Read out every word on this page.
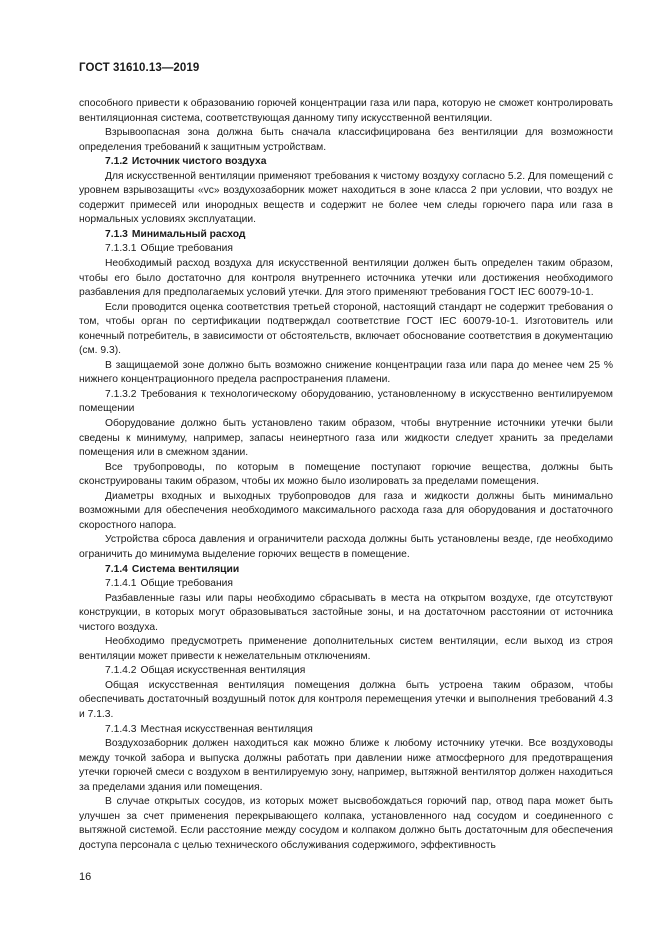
ГОСТ 31610.13—2019

способного привести к образованию горючей концентрации газа или пара, которую не сможет контролировать вентиляционная система, соответствующая данному типу искусственной вентиляции.

Взрывоопасная зона должна быть сначала классифицирована без вентиляции для возможности определения требований к защитным устройствам.

7.1.2 Источник чистого воздуха

Для искусственной вентиляции применяют требования к чистому воздуху согласно 5.2. Для помещений с уровнем взрывозащиты «vc» воздухозаборник может находиться в зоне класса 2 при условии, что воздух не содержит примесей или инородных веществ и содержит не более чем следы горючего пара или газа в нормальных условиях эксплуатации.

7.1.3 Минимальный расход

7.1.3.1 Общие требования

Необходимый расход воздуха для искусственной вентиляции должен быть определен таким образом, чтобы его было достаточно для контроля внутреннего источника утечки или достижения необходимого разбавления для предполагаемых условий утечки. Для этого применяют требования ГОСТ IEC 60079-10-1.

Если проводится оценка соответствия третьей стороной, настоящий стандарт не содержит требования о том, чтобы орган по сертификации подтверждал соответствие ГОСТ IEC 60079-10-1. Изготовитель или конечный потребитель, в зависимости от обстоятельств, включает обоснование соответствия в документацию (см. 9.3).

В защищаемой зоне должно быть возможно снижение концентрации газа или пара до менее чем 25 % нижнего концентрационного предела распространения пламени.

7.1.3.2 Требования к технологическому оборудованию, установленному в искусственно вентилируемом помещении

Оборудование должно быть установлено таким образом, чтобы внутренние источники утечки были сведены к минимуму, например, запасы неинертного газа или жидкости следует хранить за пределами помещения или в смежном здании.

Все трубопроводы, по которым в помещение поступают горючие вещества, должны быть сконструированы таким образом, чтобы их можно было изолировать за пределами помещения.

Диаметры входных и выходных трубопроводов для газа и жидкости должны быть минимально возможными для обеспечения необходимого максимального расхода газа для оборудования и достаточного скоростного напора.

Устройства сброса давления и ограничители расхода должны быть установлены везде, где необходимо ограничить до минимума выделение горючих веществ в помещение.

7.1.4 Система вентиляции

7.1.4.1 Общие требования

Разбавленные газы или пары необходимо сбрасывать в места на открытом воздухе, где отсутствуют конструкции, в которых могут образовываться застойные зоны, и на достаточном расстоянии от источника чистого воздуха.

Необходимо предусмотреть применение дополнительных систем вентиляции, если выход из строя вентиляции может привести к нежелательным отключениям.

7.1.4.2 Общая искусственная вентиляция

Общая искусственная вентиляция помещения должна быть устроена таким образом, чтобы обеспечивать достаточный воздушный поток для контроля перемещения утечки и выполнения требований 4.3 и 7.1.3.

7.1.4.3 Местная искусственная вентиляция

Воздухозаборник должен находиться как можно ближе к любому источнику утечки. Все воздуховоды между точкой забора и выпуска должны работать при давлении ниже атмосферного для предотвращения утечки горючей смеси с воздухом в вентилируемую зону, например, вытяжной вентилятор должен находиться за пределами здания или помещения.

В случае открытых сосудов, из которых может высвобождаться горючий пар, отвод пара может быть улучшен за счет применения перекрывающего колпака, установленного над сосудом и соединенного с вытяжной системой. Если расстояние между сосудом и колпаком должно быть достаточным для обеспечения доступа персонала с целью технического обслуживания содержимого, эффективность

16
